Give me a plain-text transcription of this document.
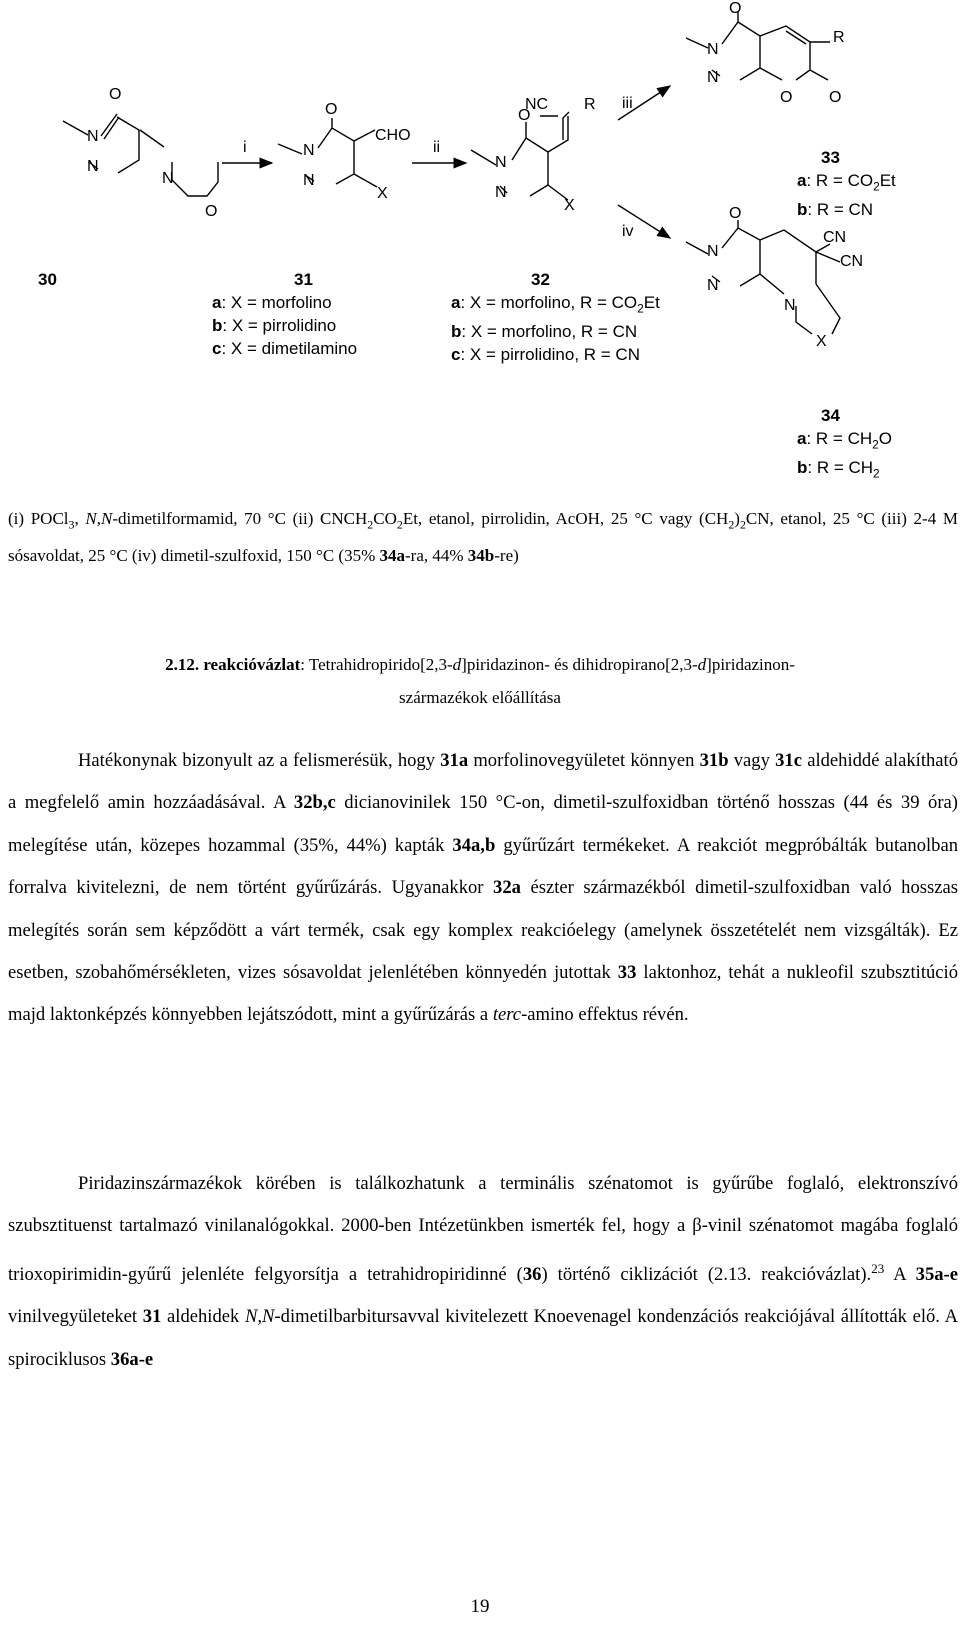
O
N
N
N
O
i
O
CHO
N
N
X
ii
O
NC R
N
N
X
iii
iv
O
R
N
N
O O
O
CN
CN
N
N
N
X
30	31
a: X = morfolino
b: X = pirrolidino
c: X = dimetilamino
32
a: X = morfolino, $R = CO_2Et$
b: X = morfolino, R = CN
c: X = pirrolidino, R = CN
33
a: $R = CO_2Et$
b: R = CN
34
a: $R = CH_2O$
b: $R = CH_2$
(i) POCl$_3$, N,N-dimetilformamid, 70 °C (ii) $CNCH_2CO_2Et$, etanol, pirrolidin, AcOH, 25 °C vagy $(CH_2)_2CN$, etanol, 25 °C (iii) 2-4 M sósavoldat, 25 °C (iv) dimetil-szulfoxid, 150 °C (35% 34a-ra, 44% 34b-re)
2.12. reakcióvázlat: Tetrahidropirido[2,3-d]piridazinon- és dihidropirano[2,3-d]piridazinon-
származékok előállítása
Hatékonynak bizonyult az a felismerésük, hogy 31a morfolinovegyületet könnyen 31b vagy 31c aldehiddé alakítható a megfelelő amin hozzáadásával. A 32b,c dicianovinilek 150 °C-on, dimetil-szulfoxidban történő hosszas (44 és 39 óra) melegítése után, közepes hozammal (35%, 44%) kapták 34a,b gyűrűzárt termékeket. A reakciót megpróbálták butanolban forralva kivitelezni, de nem történt gyűrűzárás. Ugyanakkor 32a észter származékból dimetil-szulfoxidban való hosszas melegítés során sem képződött a várt termék, csak egy komplex reakcióelegy (amelynek összetételét nem vizsgálták). Ez esetben, szobahőmérsékleten, vizes sósavoldat jelenlétében könnyedén jutottak 33 laktonhoz, tehát a nukleofil szubsztitúció majd laktonképzés könnyebben lejátszódott, mint a gyűrűzárás a terc-amino effektus révén.
Piridazinszármazékok körében is találkozhatunk a terminális szénatomot is gyűrűbe foglaló, elektronszívó szubsztituenst tartalmazó vinilanalógokkal. 2000-ben Intézetünkben ismerték fel, hogy a β-vinil szénatomot magába foglaló trioxopirimidin-gyűrű jelenléte felgyorsítja a tetrahidropiridinné (36) történő ciklizációt (2.13. reakcióvázlat).$^{23}$ A 35a-e vinilvegyületeket 31 aldehidek N,N-dimetilbarbitursavval kivitelezett Knoevenagel kondenzációs reakciójával állították elő. A spirociklusos 36a-e
19
